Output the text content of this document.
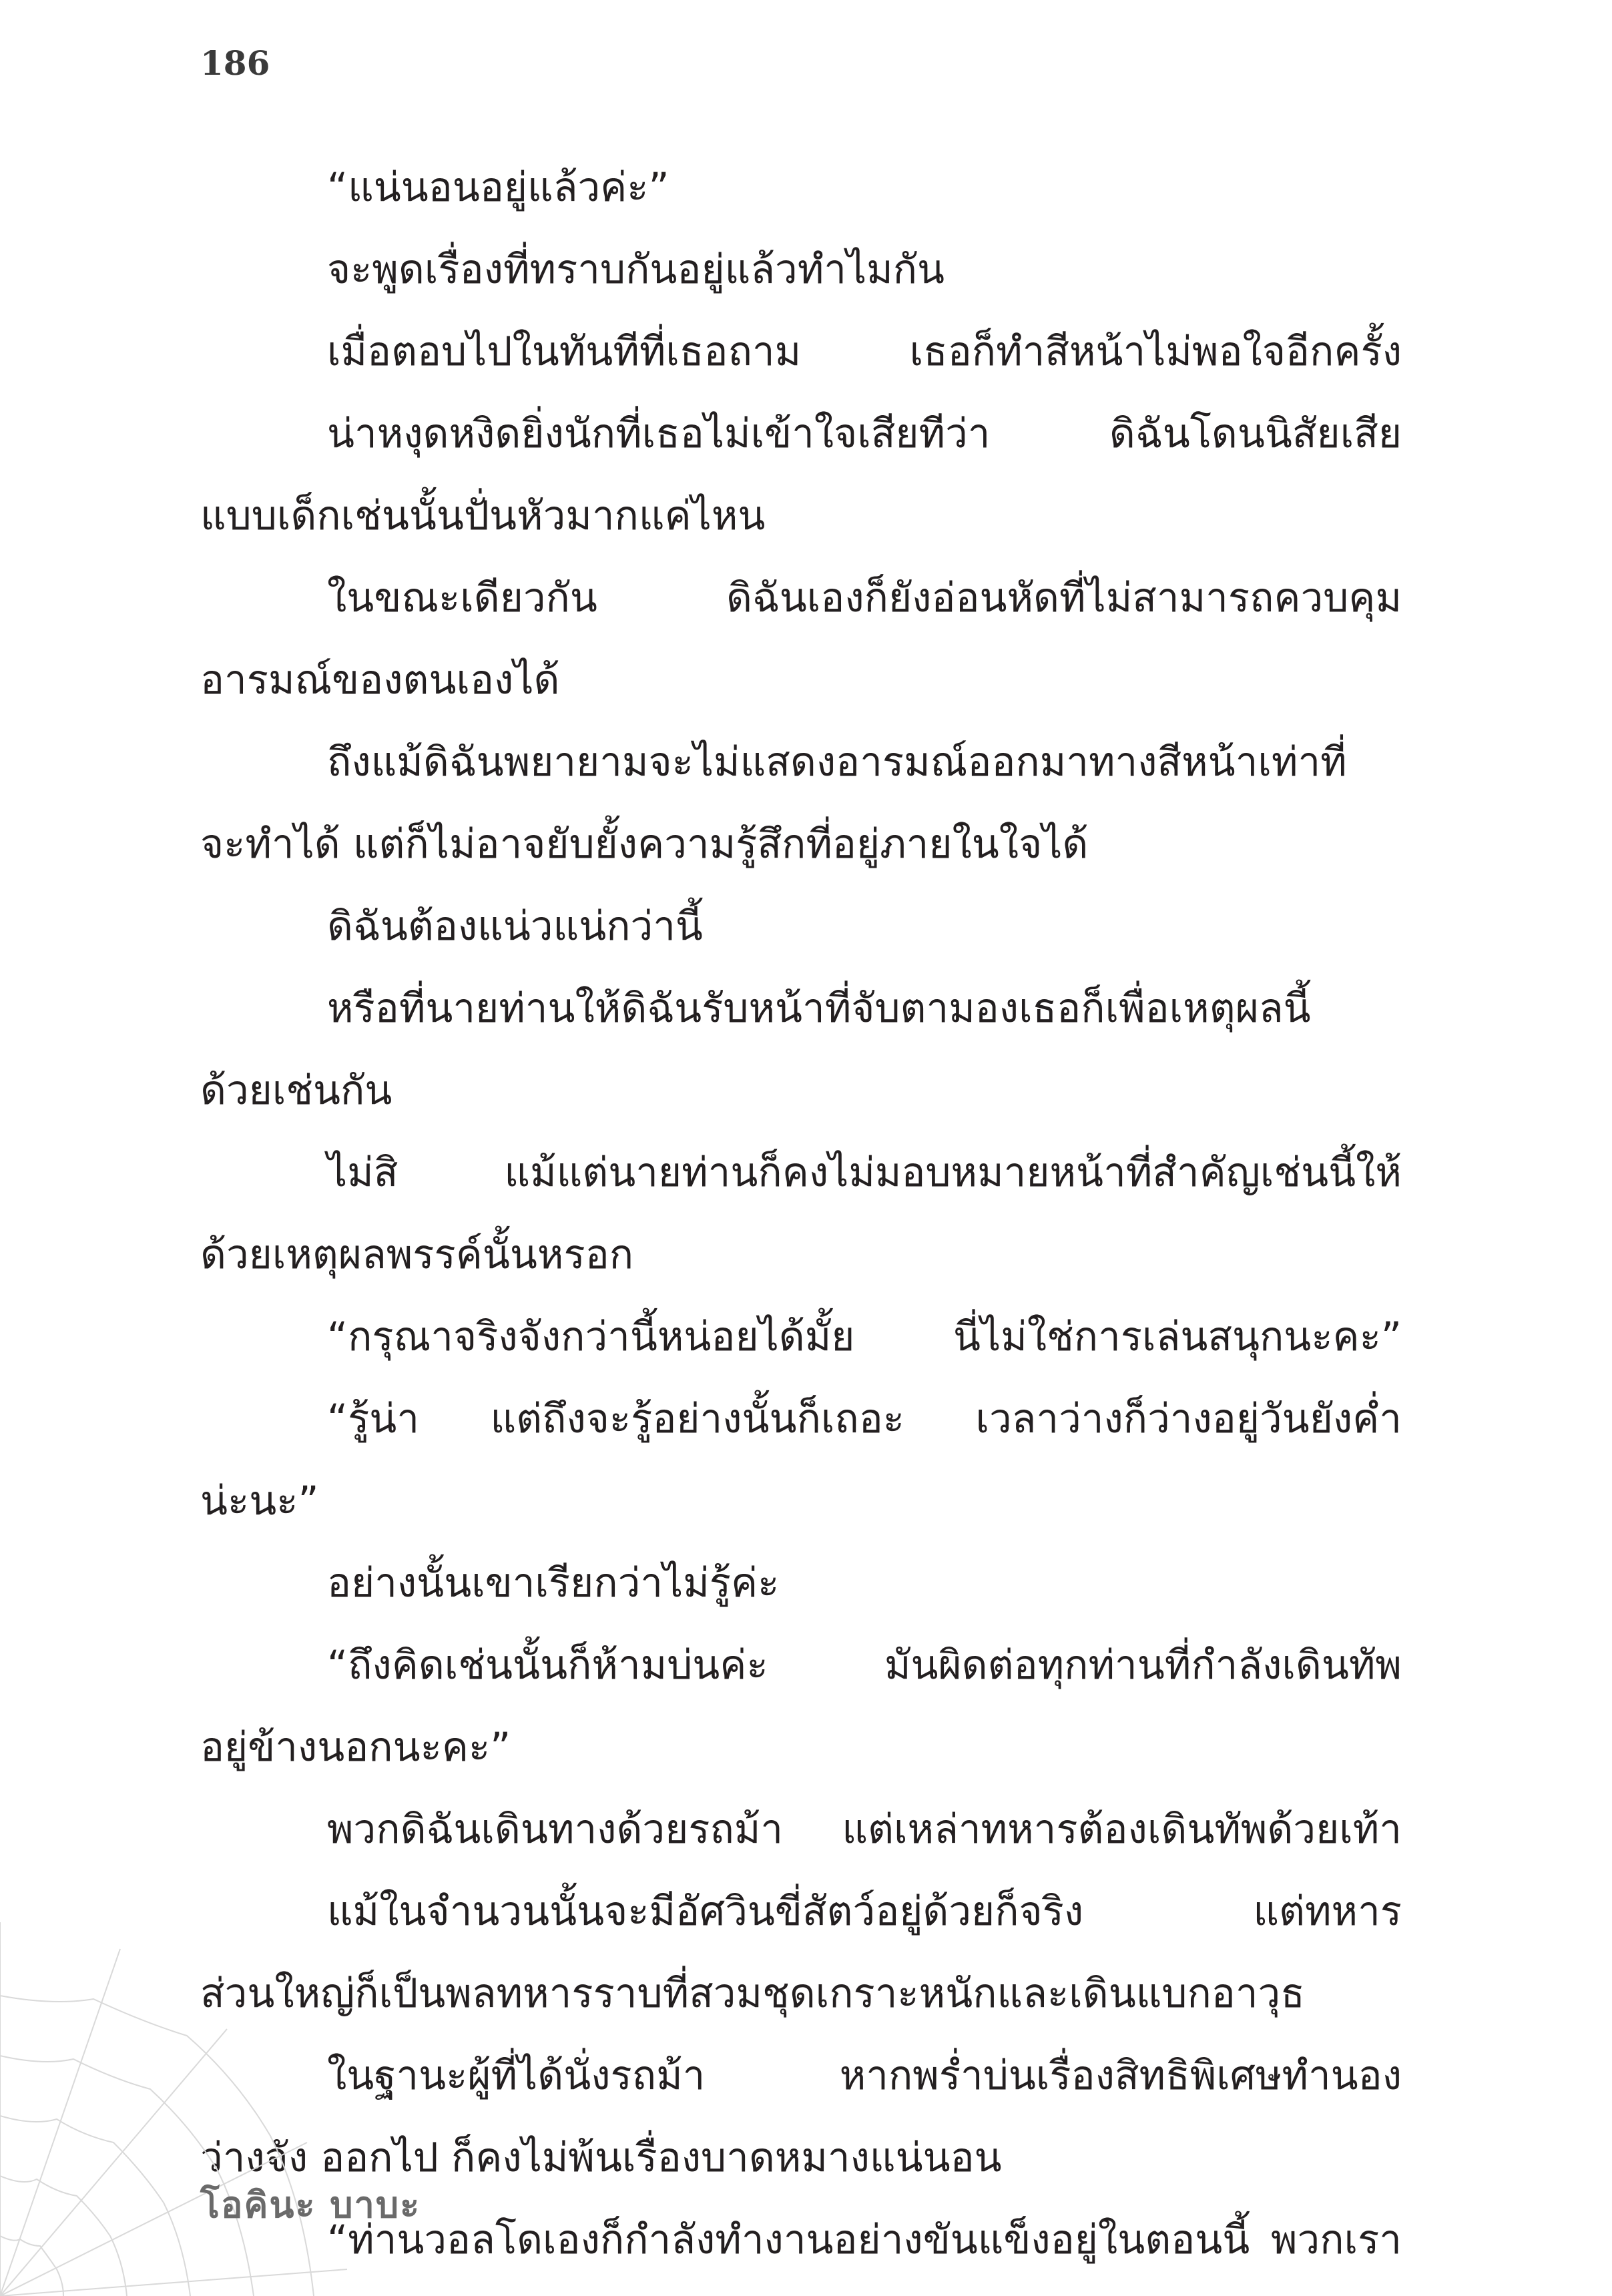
186
“แน่นอนอยู่แล้วค่ะ”
จะพูดเรื่องที่ทราบกันอยู่แล้วทำไมกัน
เมื่อตอบไปในทันทีที่เธอถาม	เธอก็ทำสีหน้าไม่พอใจอีกครั้ง
น่าหงุดหงิดยิ่งนักที่เธอไม่เข้าใจเสียทีว่า	ดิฉันโดนนิสัยเสีย
แบบเด็กเช่นนั้นปั่นหัวมากแค่ไหน
ในขณะเดียวกัน	ดิฉันเองก็ยังอ่อนหัดที่ไม่สามารถควบคุม
อารมณ์ของตนเองได้
ถึงแม้ดิฉันพยายามจะไม่แสดงอารมณ์ออกมาทางสีหน้าเท่าที่
จะทำได้ แต่ก็ไม่อาจยับยั้งความรู้สึกที่อยู่ภายในใจได้
ดิฉันต้องแน่วแน่กว่านี้
หรือที่นายท่านให้ดิฉันรับหน้าที่จับตามองเธอก็เพื่อเหตุผลนี้
ด้วยเช่นกัน
ไม่สิ	แม้แต่นายท่านก็คงไม่มอบหมายหน้าที่สำคัญเช่นนี้ให้
ด้วยเหตุผลพรรค์นั้นหรอก
“กรุณาจริงจังกว่านี้หน่อยได้มั้ย นี่ไม่ใช่การเล่นสนุกนะคะ”
“รู้น่า แต่ถึงจะรู้อย่างนั้นก็เถอะ เวลาว่างก็ว่างอยู่วันยังค่ำ
น่ะนะ”
อย่างนั้นเขาเรียกว่าไม่รู้ค่ะ
“ถึงคิดเช่นนั้นก็ห้ามบ่นค่ะ	มันผิดต่อทุกท่านที่กำลังเดินทัพ
อยู่ข้างนอกนะคะ”
พวกดิฉันเดินทางด้วยรถม้า แต่เหล่าทหารต้องเดินทัพด้วยเท้า
แม้ในจำนวนนั้นจะมีอัศวินขี่สัตว์อยู่ด้วยก็จริง	แต่ทหาร
ส่วนใหญ่ก็เป็นพลทหารราบที่สวมชุดเกราะหนักและเดินแบกอาวุธ
ในฐานะผู้ที่ได้นั่งรถม้า	หากพร่ำบ่นเรื่องสิทธิพิเศษทำนอง
ว่างจัง ออกไป ก็คงไม่พ้นเรื่องบาดหมางแน่นอน
“ท่านวอลโดเองก็กำลังทำงานอย่างขันแข็งอยู่ในตอนนี้ พวกเรา
โอคินะ บาบะ
